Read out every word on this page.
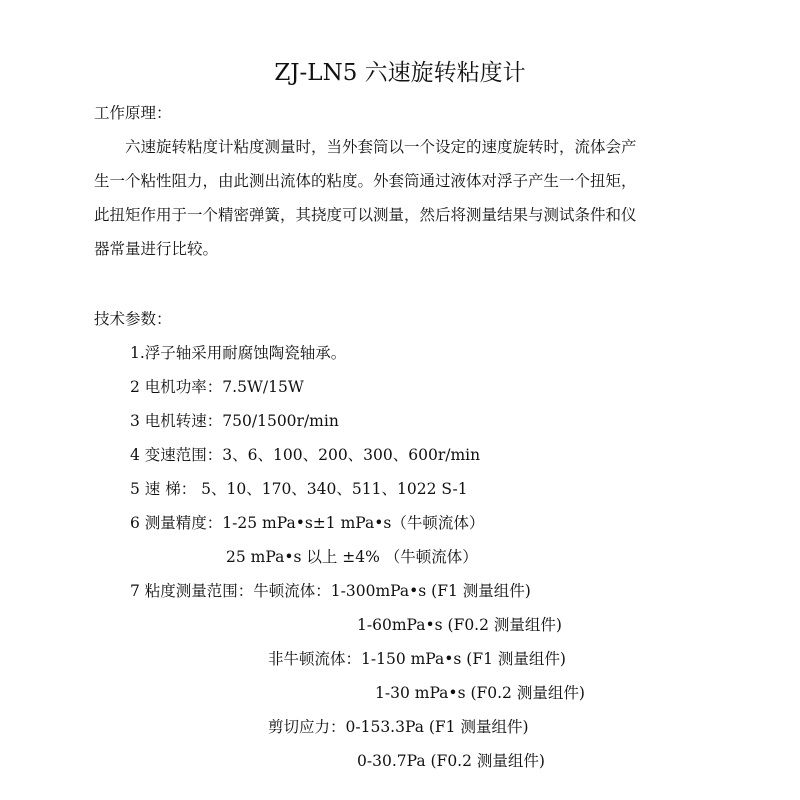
ZJ-LN5 六速旋转粘度计
工作原理：
六速旋转粘度计粘度测量时，当外套筒以一个设定的速度旋转时，流体会产
生一个粘性阻力，由此测出流体的粘度。外套筒通过液体对浮子产生一个扭矩，
此扭矩作用于一个精密弹簧，其挠度可以测量，然后将测量结果与测试条件和仪
器常量进行比较。
技术参数：
1.浮子轴采用耐腐蚀陶瓷轴承。
2 电机功率：7.5W/15W
3 电机转速：750/1500r/min
4 变速范围：3、6、100、200、300、600r/min
5 速 梯： 5、10、170、340、511、1022 S-1
6 测量精度：1-25 mPa•s±1 mPa•s（牛顿流体）
25 mPa•s 以上 ±4% （牛顿流体）
7 粘度测量范围：牛顿流体：1-300mPa•s (F1 测量组件)
1-60mPa•s (F0.2 测量组件)
非牛顿流体：1-150 mPa•s (F1 测量组件)
1-30 mPa•s (F0.2 测量组件)
剪切应力：0-153.3Pa (F1 测量组件)
0-30.7Pa (F0.2 测量组件)
